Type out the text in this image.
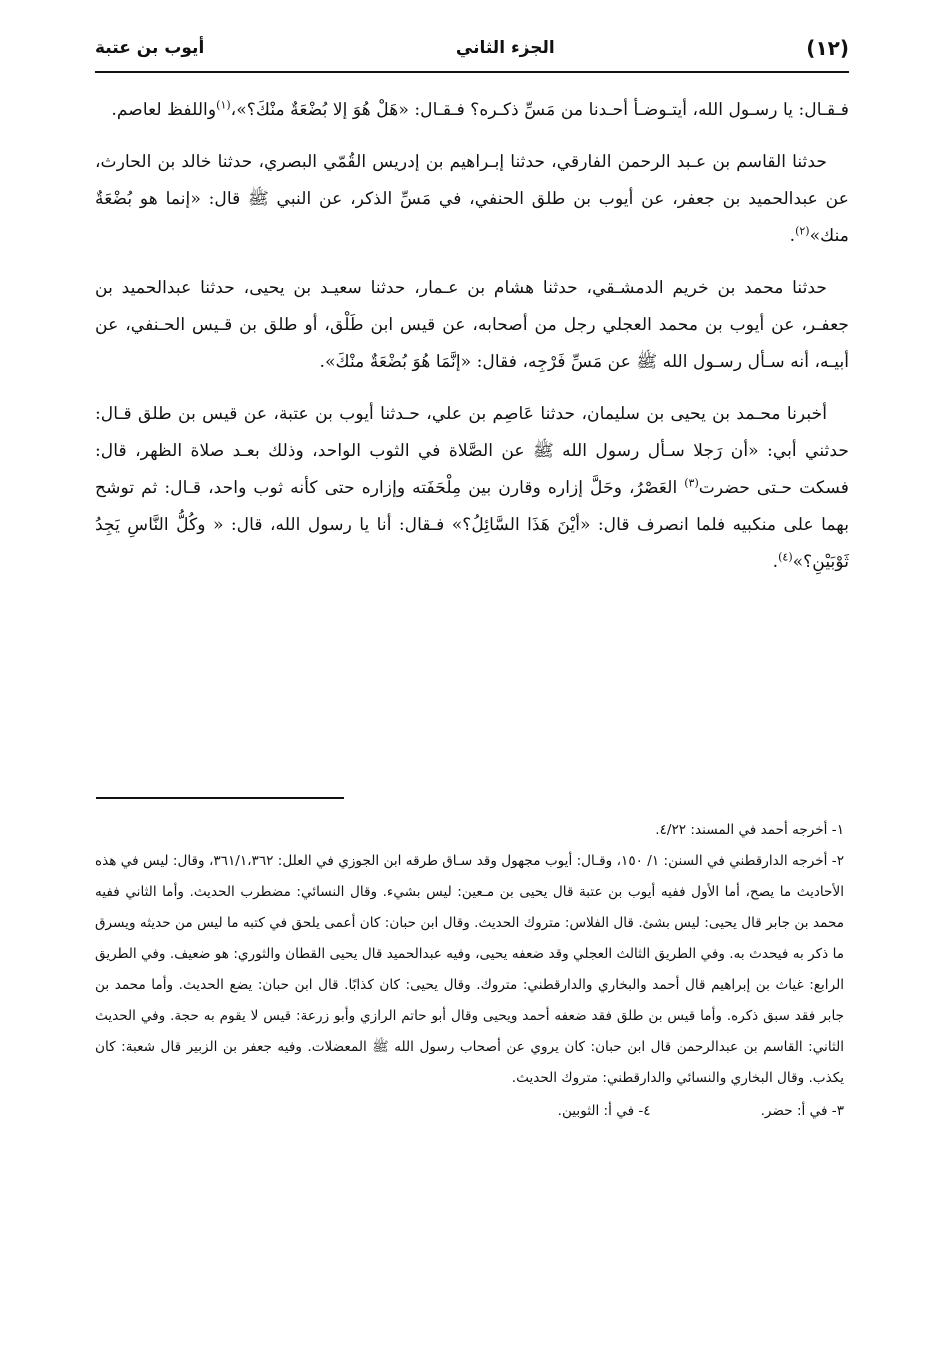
(١٢)
الجزء الثاني
أيوب بن عتبة

فـقـال: يا رسـول الله، أيتـوضـأ أحـدنا من مَسِّ ذكـره؟ فـقـال: «هَلْ هُوَ إلا بُضْعَةٌ منْكَ؟»،$^{(١)}$واللفظ لعاصم.

حدثنا القاسم بن عـبد الرحمن الفارقي، حدثنا إبـراهيم بن إدريس القُمّي البصري، حدثنا خالد بن الحارث، عن عبدالحميد بن جعفر، عن أيوب بن طلق الحنفي، في مَسِّ الذكر، عن النبي ﷺ قال: «إنما هو بُضْعَةٌ منك»$^{(٢)}$.

حدثنا محمد بن خريم الدمشـقي، حدثنا هشام بن عـمار، حدثنا سعيـد بن يحيى، حدثنا عبدالحميد بن جعفـر، عن أيوب بن محمد العجلي رجل من أصحابه، عن قيس ابن طَلْق، أو طلق بن قـيس الحـنفي، عن أبيـه، أنه سـأل رسـول الله ﷺ عن مَسِّ فَرْجِه، فقال: «إنَّمَا هُوَ بُضْعَةٌ منْكَ».

أخبرنا محـمد بن يحيى بن سليمان، حدثنا عَاصِم بن علي، حـدثنا أيوب بن عتبة، عن قيس بن طلق قـال: حدثني أبي: «أن رَجلا سـأل رسول الله ﷺ عن الصَّلاة في الثوب الواحد، وذلك بعـد صلاة الظهر، قال: فسكت حـتى حضرت$^{(٣)}$ العَصْرُ، وحَلَّ إزاره وقارن بين مِلْحَفَته وإزاره حتى كأنه ثوب واحد، قـال: ثم توشح بهما على منكبيه فلما انصرف قال: «أيْنَ هَذَا السَّائِلُ؟» فـقال: أنا يا رسول الله، قال: « وكُلُّ النَّاسِ يَجِدُ ثَوْبَيْنِ؟»$^{(٤)}$.

١- أخرجه أحمد في المسند: ٤/٢٢.

٢- أخرجه الدارقطني في السنن: ١/ ١٥٠، وقـال: أيوب مجهول وقد سـاق طرقه ابن الجوزي في العلل: ٣٦١/١،٣٦٢، وقال: ليس في هذه الأحاديث ما يصح، أما الأول ففيه أيوب بن عتبة قال يحيى بن مـعين: ليس بشيء. وقال النسائي: مضطرب الحديث. وأما الثاني ففيه محمد بن جابر قال يحيى: ليس بشئ. قال الفلاس: متروك الحديث. وقال ابن حبان: كان أعمى يلحق في كتبه ما ليس من حديثه ويسرق ما ذكر به فيحدث به. وفي الطريق الثالث العجلي وقد ضعفه يحيى، وفيه عبدالحميد قال يحيى القطان والثوري: هو ضعيف. وفي الطريق الرابع: غياث بن إبراهيم قال أحمد والبخاري والدارقطني: متروك. وقال يحيى: كان كذابًا. قال ابن حبان: يضع الحديث. وأما محمد بن جابر فقد سبق ذكره. وأما قيس بن طلق فقد ضعفه أحمد ويحيى وقال أبو حاتم الرازي وأبو زرعة: قيس لا يقوم به حجة. وفي الحديث الثاني: القاسم بن عبدالرحمن قال ابن حبان: كان يروي عن أصحاب رسول الله ﷺ المعضلات. وفيه جعفر بن الزبير قال شعبة: كان يكذب. وقال البخاري والنسائي والدارقطني: متروك الحديث.

٣- في أ: حضر.
٤- في أ: الثوبين.
